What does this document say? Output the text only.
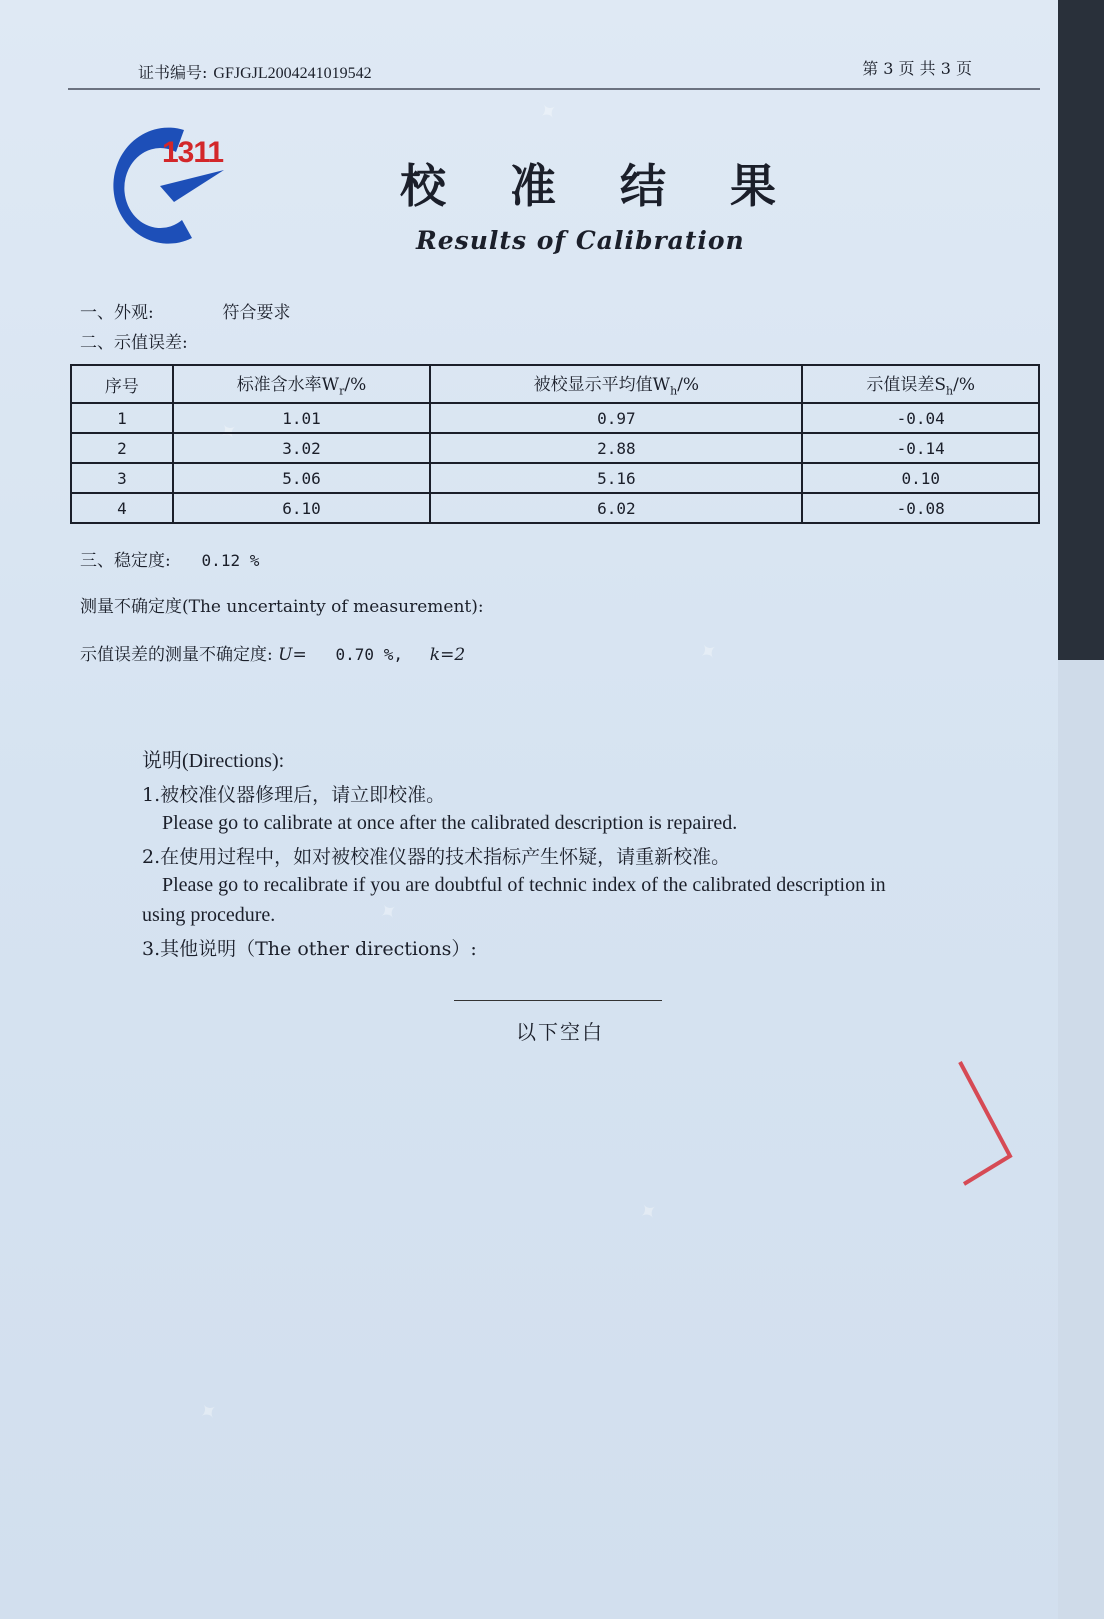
✦
✦
✦
✦
✦
✦
证书编号: GFJGJL2004241019542	第 3 页 共 3 页
1311
校 准 结 果
Results of Calibration
一、外观:	符合要求
二、示值误差:
序号	标准含水率$W_r/\%$	被校显示平均值$W_h/\%$	示值误差$S_h/\%$
1	1.01	0.97	-0.04
2	3.02	2.88	-0.14
3	5.06	5.16	0.10
4	6.10	6.02	-0.08
三、稳定度: 0.12 %
测量不确定度(The uncertainty of measurement):
示值误差的测量不确定度: U= 0.70 %, k=2
说明(Directions):
1.被校准仪器修理后，请立即校准。
Please go to calibrate at once after the calibrated description is repaired.
2.在使用过程中，如对被校准仪器的技术指标产生怀疑，请重新校准。
Please go to recalibrate if you are doubtful of technic index of the calibrated description in
using procedure.
3.其他说明（The other directions）:
以下空白
